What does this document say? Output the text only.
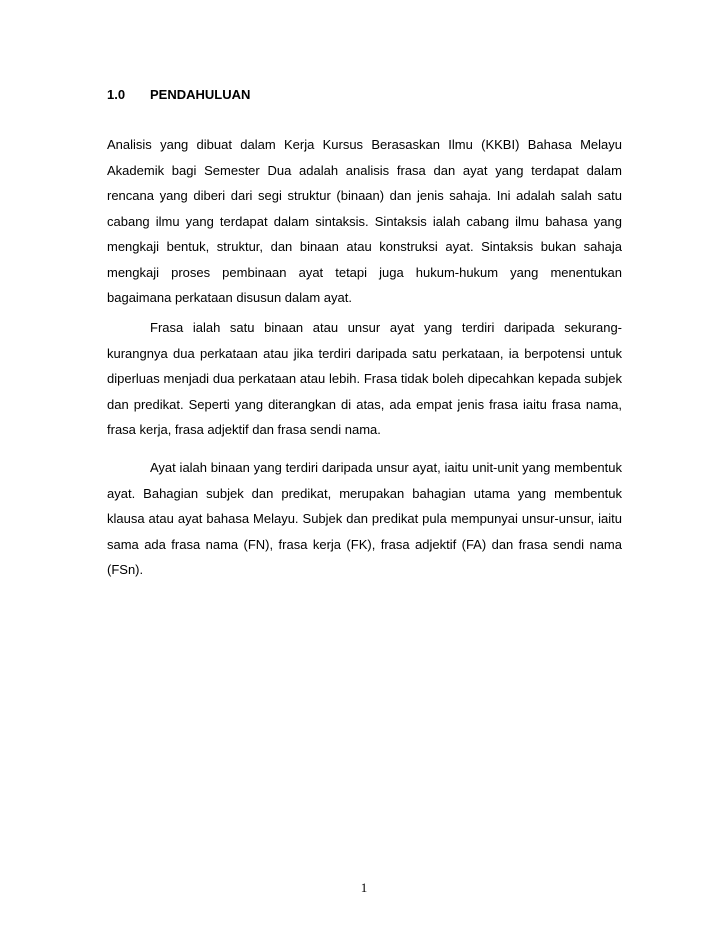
1.0 PENDAHULUAN

Analisis yang dibuat dalam Kerja Kursus Berasaskan Ilmu (KKBI) Bahasa Melayu Akademik bagi Semester Dua adalah analisis frasa dan ayat yang terdapat dalam rencana yang diberi dari segi struktur (binaan) dan jenis sahaja. Ini adalah salah satu cabang ilmu yang terdapat dalam sintaksis. Sintaksis ialah cabang ilmu bahasa yang mengkaji bentuk, struktur, dan binaan atau konstruksi ayat. Sintaksis bukan sahaja mengkaji proses pembinaan ayat tetapi juga hukum-hukum yang menentukan bagaimana perkataan disusun dalam ayat.

Frasa ialah satu binaan atau unsur ayat yang terdiri daripada sekurang-kurangnya dua perkataan atau jika terdiri daripada satu perkataan, ia berpotensi untuk diperluas menjadi dua perkataan atau lebih. Frasa tidak boleh dipecahkan kepada subjek dan predikat. Seperti yang diterangkan di atas, ada empat jenis frasa iaitu frasa nama, frasa kerja, frasa adjektif dan frasa sendi nama.

Ayat ialah binaan yang terdiri daripada unsur ayat, iaitu unit-unit yang membentuk ayat. Bahagian subjek dan predikat, merupakan bahagian utama yang membentuk klausa atau ayat bahasa Melayu. Subjek dan predikat pula mempunyai unsur-unsur, iaitu sama ada frasa nama (FN), frasa kerja (FK), frasa adjektif (FA) dan frasa sendi nama (FSn).

1
